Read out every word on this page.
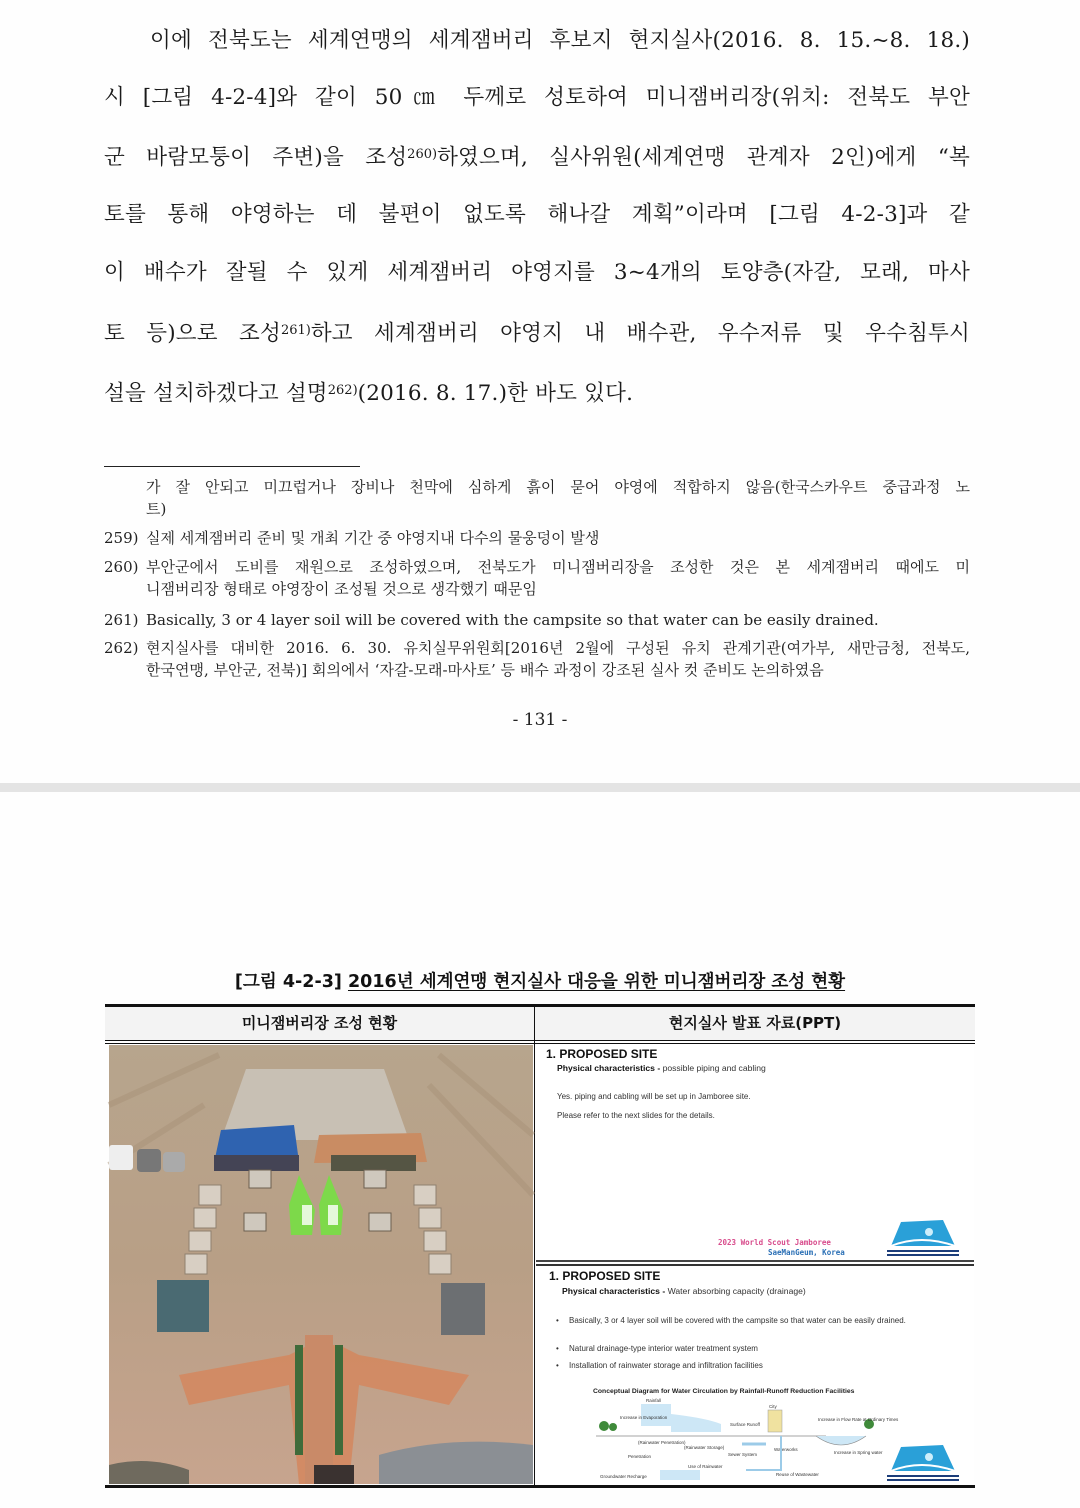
이에 전북도는 세계연맹의 세계잼버리 후보지 현지실사(2016. 8. 15.~8. 18.)
시 [그림 4-2-4]와 같이 50㎝ 두께로 성토하여 미니잼버리장(위치: 전북도 부안
군 바람모퉁이 주변)을 조성$^{260)}$하였으며, 실사위원(세계연맹 관계자 2인)에게 “복
토를 통해 야영하는 데 불편이 없도록 해나갈 계획”이라며 [그림 4-2-3]과 같
이 배수가 잘될 수 있게 세계잼버리 야영지를 3~4개의 토양층(자갈, 모래, 마사
토 등)으로 조성$^{261)}$하고 세계잼버리 야영지 내 배수관, 우수저류 및 우수침투시
설을 설치하겠다고 설명$^{262)}$(2016. 8. 17.)한 바도 있다.
가 잘 안되고 미끄럽거나 장비나 천막에 심하게 흙이 묻어 야영에 적합하지 않음(한국스카우트 중급과정 노
트)
259) 실제 세계잼버리 준비 및 개최 기간 중 야영지내 다수의 물웅덩이 발생
260) 부안군에서 도비를 재원으로 조성하였으며, 전북도가 미니잼버리장을 조성한 것은 본 세계잼버리 때에도 미
니잼버리장 형태로 야영장이 조성될 것으로 생각했기 때문임
261) Basically, 3 or 4 layer soil will be covered with the campsite so that water can be easily drained.
262) 현지실사를 대비한 2016. 6. 30. 유치실무위원회[2016년 2월에 구성된 유치 관계기관(여가부, 새만금청, 전북도,
한국연맹, 부안군, 전북)] 회의에서 ‘자갈-모래-마사토’ 등 배수 과정이 강조된 실사 컷 준비도 논의하였음
- 131 -
[그림 4-2-3] 2016년 세계연맹 현지실사 대응을 위한 미니잼버리장 조성 현황
미니잼버리장 조성 현황	현지실사 발표 자료(PPT)
1. PROPOSED SITE
Physical characteristics - possible piping and cabling
Yes. piping and cabling will be set up in Jamboree site.
Please refer to the next slides for the details.
2023 World Scout Jamboree
SaeManGeum, Korea
1. PROPOSED SITE
Physical characteristics - Water absorbing capacity (drainage)
• Basically, 3 or 4 layer soil will be covered with the campsite so that water can be easily drained.
• Natural drainage-type interior water treatment system
• Installation of rainwater storage and infiltration facilities
Conceptual Diagram for Water Circulation by Rainfall-Runoff Reduction Facilities
Rainfall
City
Increase in Evaporation
(Rainwater Penetration)
(Rainwater Storage)
Surface Runoff
Increase in Flow Rate at Ordinary Times
Penetration
Use of Rainwater
Sewer System
Waterworks
Increase in Spring water
Groundwater Recharge	Reuse of Wastewater
